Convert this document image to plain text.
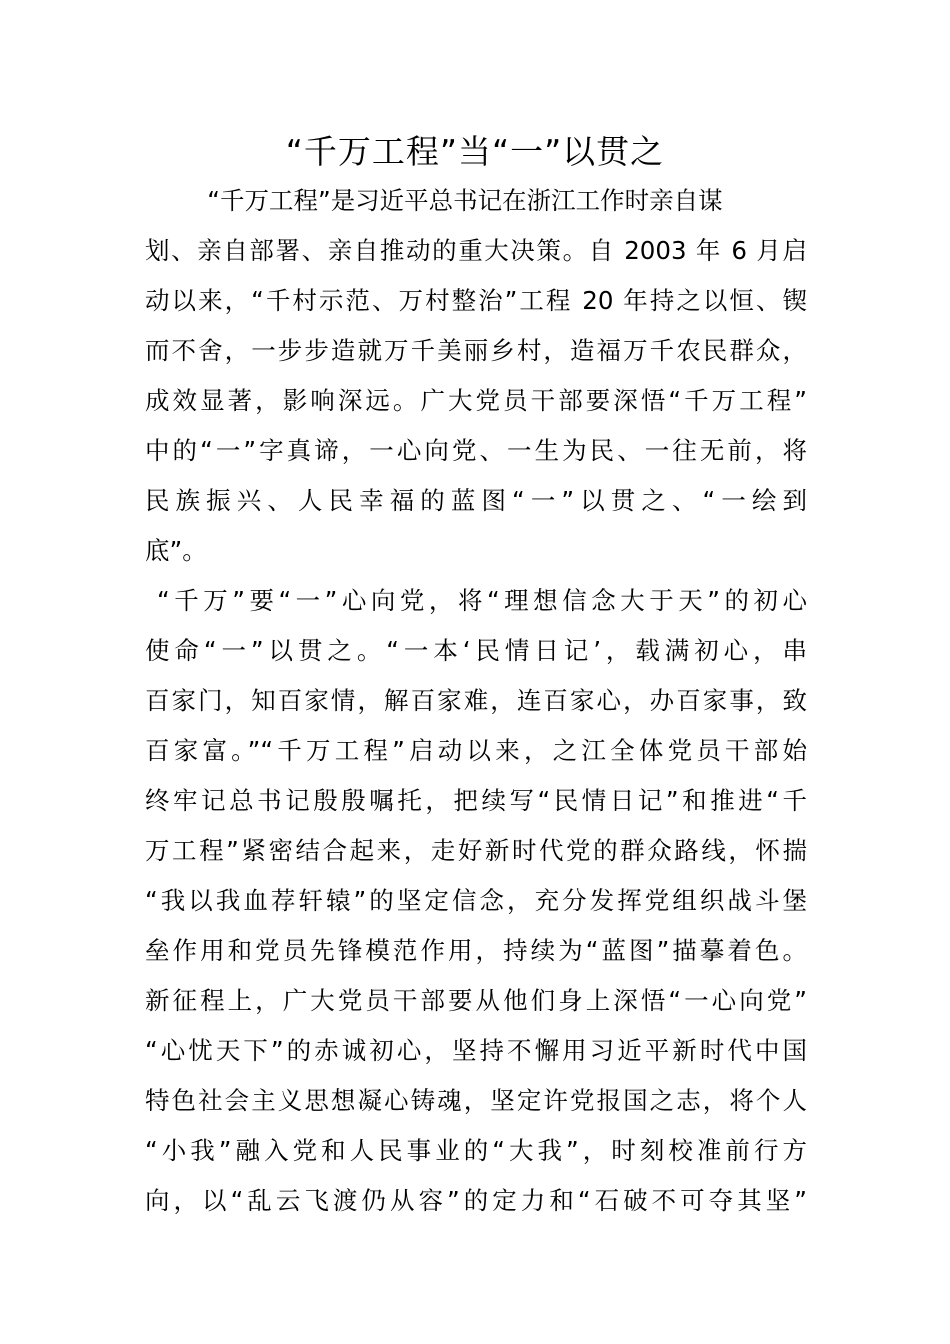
“千万工程”当“一”以贯之
“千万工程”是习近平总书记在浙江工作时亲自谋
划、亲自部署、亲自推动的重大决策。自 2003 年 6 月启
动以来，“千村示范、万村整治”工程 20 年持之以恒、锲
而不舍，一步步造就万千美丽乡村，造福万千农民群众，
成效显著，影响深远。广大党员干部要深悟“千万工程”
中的“一”字真谛，一心向党、一生为民、一往无前，将
民族振兴、人民幸福的蓝图“一”以贯之、“一绘到
底”。
“千万”要“一”心向党，将“理想信念大于天”的初心
使命“一”以贯之。“一本‘民情日记’，载满初心，串
百家门，知百家情，解百家难，连百家心，办百家事，致
百家富。”“千万工程”启动以来，之江全体党员干部始
终牢记总书记殷殷嘱托，把续写“民情日记”和推进“千
万工程”紧密结合起来，走好新时代党的群众路线，怀揣
“我以我血荐轩辕”的坚定信念，充分发挥党组织战斗堡
垒作用和党员先锋模范作用，持续为“蓝图”描摹着色。
新征程上，广大党员干部要从他们身上深悟“一心向党”
“心忧天下”的赤诚初心，坚持不懈用习近平新时代中国
特色社会主义思想凝心铸魂，坚定许党报国之志，将个人
“小我”融入党和人民事业的“大我”，时刻校准前行方
向，以“乱云飞渡仍从容”的定力和“石破不可夺其坚”
